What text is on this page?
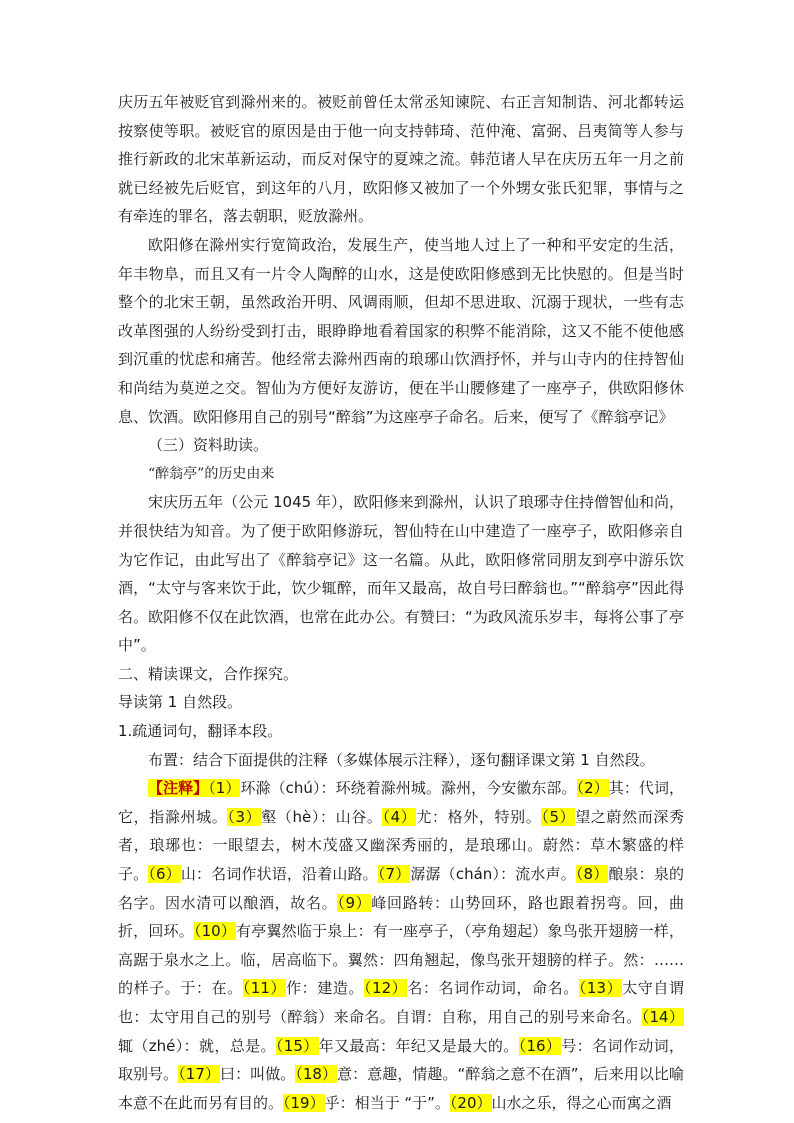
庆历五年被贬官到滁州来的。被贬前曾任太常丞知谏院、右正言知制诰、河北都转运按察使等职。被贬官的原因是由于他一向支持韩琦、范仲淹、富弼、吕夷简等人参与推行新政的北宋革新运动，而反对保守的夏竦之流。韩范诸人早在庆历五年一月之前就已经被先后贬官，到这年的八月，欧阳修又被加了一个外甥女张氏犯罪，事情与之有牵连的罪名，落去朝职，贬放滁州。

欧阳修在滁州实行宽简政治，发展生产，使当地人过上了一种和平安定的生活，年丰物阜，而且又有一片令人陶醉的山水，这是使欧阳修感到无比快慰的。但是当时整个的北宋王朝，虽然政治开明、风调雨顺，但却不思进取、沉溺于现状，一些有志改革图强的人纷纷受到打击，眼睁睁地看着国家的积弊不能消除，这又不能不使他感到沉重的忧虑和痛苦。他经常去滁州西南的琅琊山饮酒抒怀，并与山寺内的住持智仙和尚结为莫逆之交。智仙为方便好友游访，便在半山腰修建了一座亭子，供欧阳修休息、饮酒。欧阳修用自己的别号“醉翁”为这座亭子命名。后来，便写了《醉翁亭记》

（三）资料助读。

“醉翁亭”的历史由来

宋庆历五年（公元 1045 年），欧阳修来到滁州，认识了琅琊寺住持僧智仙和尚，并很快结为知音。为了便于欧阳修游玩，智仙特在山中建造了一座亭子，欧阳修亲自为它作记，由此写出了《醉翁亭记》这一名篇。从此，欧阳修常同朋友到亭中游乐饮酒，“太守与客来饮于此，饮少辄醉，而年又最高，故自号曰醉翁也。”“醉翁亭”因此得名。欧阳修不仅在此饮酒，也常在此办公。有赞曰：“为政风流乐岁丰，每将公事了亭中”。

二、精读课文，合作探究。

导读第 1 自然段。

1.疏通词句，翻译本段。

布置：结合下面提供的注释（多媒体展示注释），逐句翻译课文第 1 自然段。

【注释】（1）环滁（chú）：环绕着滁州城。滁州，今安徽东部。（2）其：代词，它，指滁州城。（3）壑（hè）：山谷。（4）尤：格外，特别。（5）望之蔚然而深秀者，琅琊也：一眼望去，树木茂盛又幽深秀丽的，是琅琊山。蔚然：草木繁盛的样子。（6）山：名词作状语，沿着山路。（7）潺潺（chán）：流水声。（8）酿泉：泉的名字。因水清可以酿酒，故名。（9）峰回路转：山势回环，路也跟着拐弯。回，曲折，回环。（10）有亭翼然临于泉上：有一座亭子，（亭角翅起）象鸟张开翅膀一样，高踞于泉水之上。临，居高临下。翼然：四角翘起，像鸟张开翅膀的样子。然：……的样子。于：在。（11）作：建造。（12）名：名词作动词，命名。（13）太守自谓也：太守用自己的别号（醉翁）来命名。自谓：自称，用自己的别号来命名。（14）辄（zhé）：就，总是。（15）年又最高：年纪又是最大的。（16）号：名词作动词，取别号。（17）曰：叫做。（18）意：意趣，情趣。“醉翁之意不在酒”，后来用以比喻本意不在此而另有目的。（19）乎：相当于 “于”。（20）山水之乐，得之心而寓之酒
